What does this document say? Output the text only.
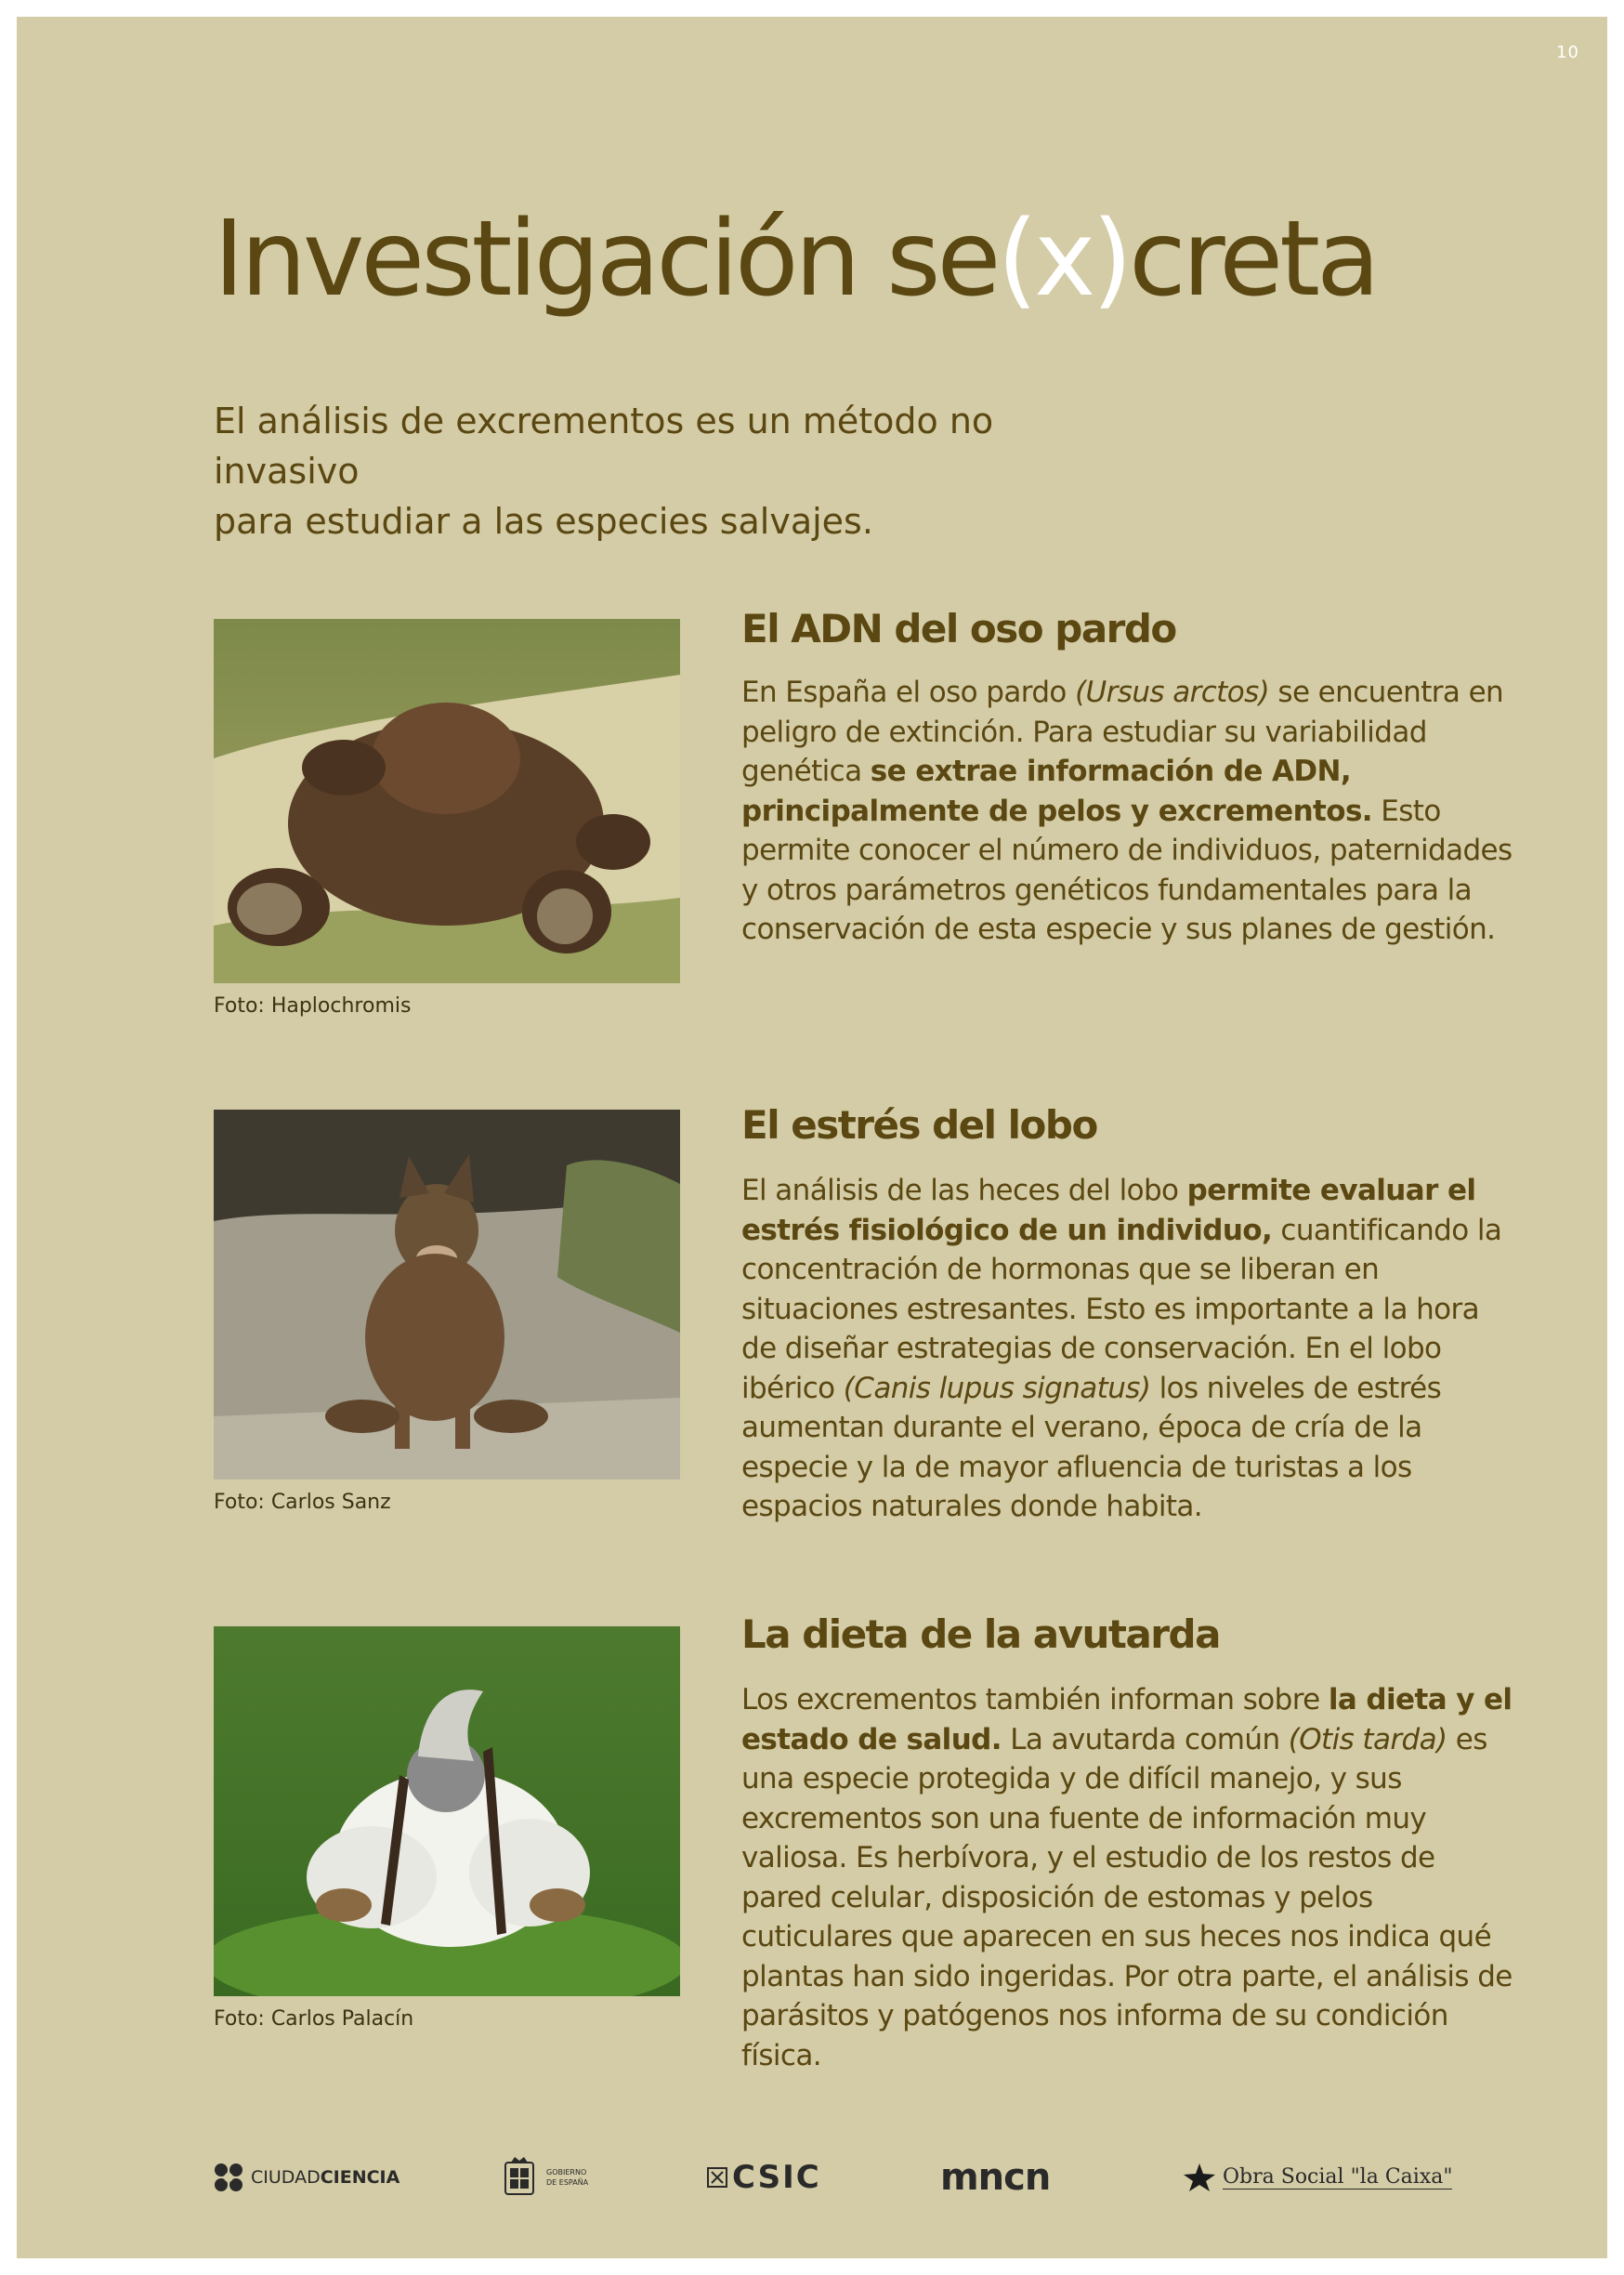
10
Investigación se(x)creta

El análisis de excrementos es un método no invasivo
para estudiar a las especies salvajes.

Foto: Haplochromis
El ADN del oso pardo

En España el oso pardo (Ursus arctos) se encuentra en peligro de extinción. Para estudiar su variabilidad genética se extrae información de ADN, principalmente de pelos y excrementos. Esto permite conocer el número de individuos, paternidades y otros parámetros genéticos fundamentales para la conservación de esta especie y sus planes de gestión.

Foto: Carlos Sanz
El estrés del lobo

El análisis de las heces del lobo permite evaluar el estrés fisiológico de un individuo, cuantificando la concentración de hormonas que se liberan en situaciones estresantes. Esto es importante a la hora de diseñar estrategias de conservación. En el lobo ibérico (Canis lupus signatus) los niveles de estrés aumentan durante el verano, época de cría de la especie y la de mayor afluencia de turistas a los espacios naturales donde habita.

Foto: Carlos Palacín
La dieta de la avutarda

Los excrementos también informan sobre la dieta y el estado de salud. La avutarda común (Otis tarda) es una especie protegida y de difícil manejo, y sus excrementos son una fuente de información muy valiosa. Es herbívora, y el estudio de los restos de pared celular, disposición de estomas y pelos cuticulares que aparecen en sus heces nos indica qué plantas han sido ingeridas. Por otra parte, el análisis de parásitos y patógenos nos informa de su condición física.

CIUDAD CIENCIA	GOBIERNO
DE ESPAÑA	CSIC	mncn	Obra Social "la Caixa"
